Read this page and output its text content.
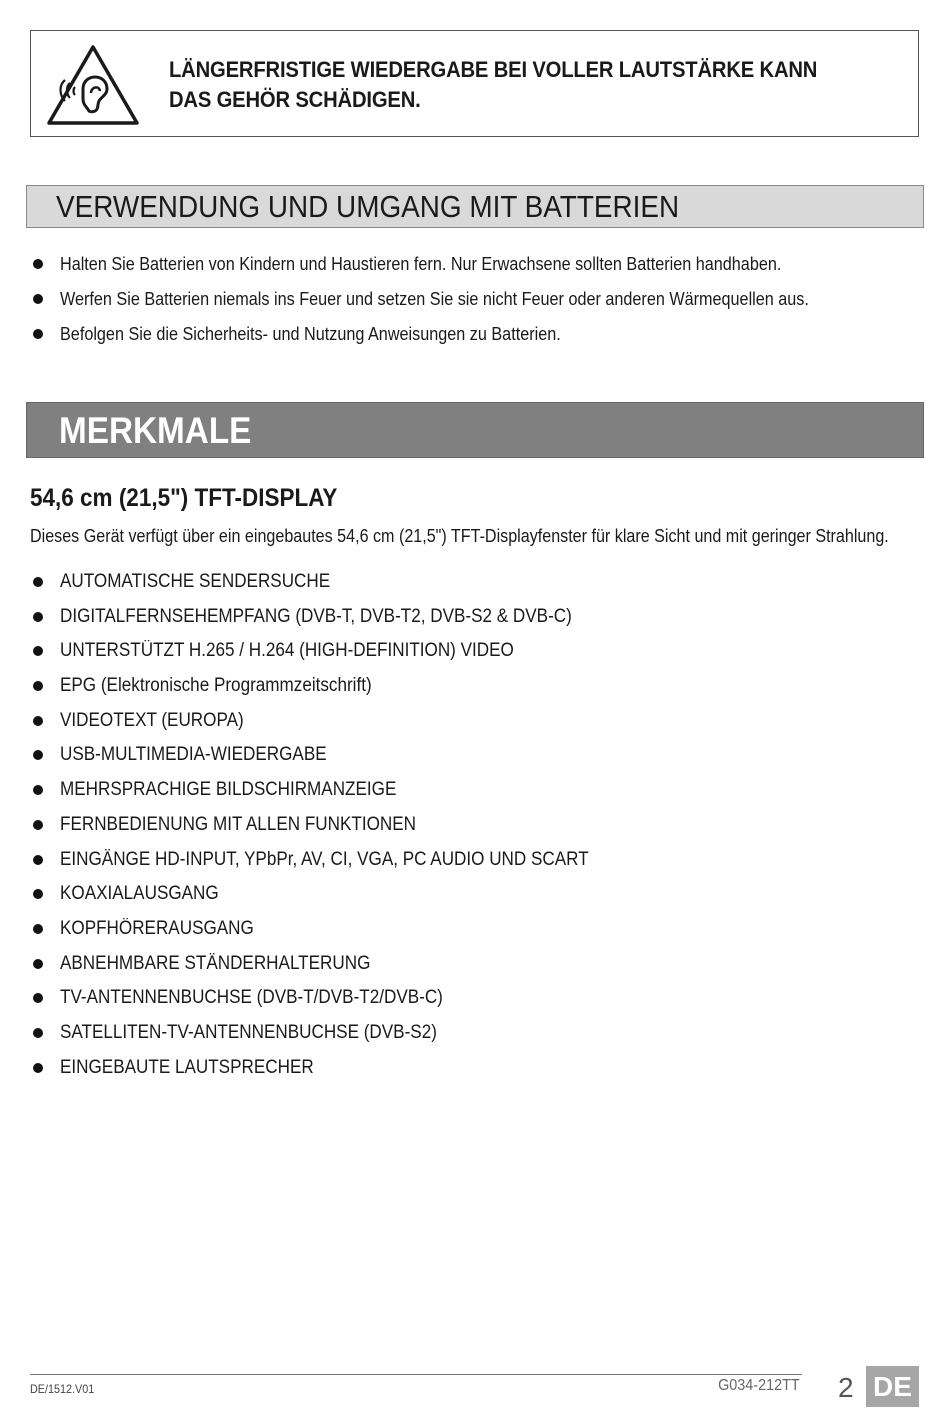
LÄNGERFRISTIGE WIEDERGABE BEI VOLLER LAUTSTÄRKE KANN DAS GEHÖR SCHÄDIGEN.
VERWENDUNG UND UMGANG MIT BATTERIEN
Halten Sie Batterien von Kindern und Haustieren fern. Nur Erwachsene sollten Batterien handhaben.
Werfen Sie Batterien niemals ins Feuer und setzen Sie sie nicht Feuer oder anderen Wärmequellen aus.
Befolgen Sie die Sicherheits- und Nutzung Anweisungen zu Batterien.
MERKMALE
54,6 cm (21,5") TFT-DISPLAY
Dieses Gerät verfügt über ein eingebautes 54,6 cm (21,5") TFT-Displayfenster für klare Sicht und mit geringer Strahlung.
AUTOMATISCHE SENDERSUCHE
DIGITALFERNSEHEMPFANG (DVB-T, DVB-T2, DVB-S2 & DVB-C)
UNTERSTÜTZT H.265 / H.264 (HIGH-DEFINITION) VIDEO
EPG (Elektronische Programmzeitschrift)
VIDEOTEXT (EUROPA)
USB-MULTIMEDIA-WIEDERGABE
MEHRSPRACHIGE BILDSCHIRMANZEIGE
FERNBEDIENUNG MIT ALLEN FUNKTIONEN
EINGÄNGE HD-INPUT, YPbPr, AV, CI, VGA, PC AUDIO UND SCART
KOAXIALAUSGANG
KOPFHÖRERAUSGANG
ABNEHMBARE STÄNDERHALTERUNG
TV-ANTENNENBUCHSE (DVB-T/DVB-T2/DVB-C)
SATELLITEN-TV-ANTENNENBUCHSE (DVB-S2)
EINGEBAUTE LAUTSPRECHER
DE/1512.V01	G034-212TT 2 DE
